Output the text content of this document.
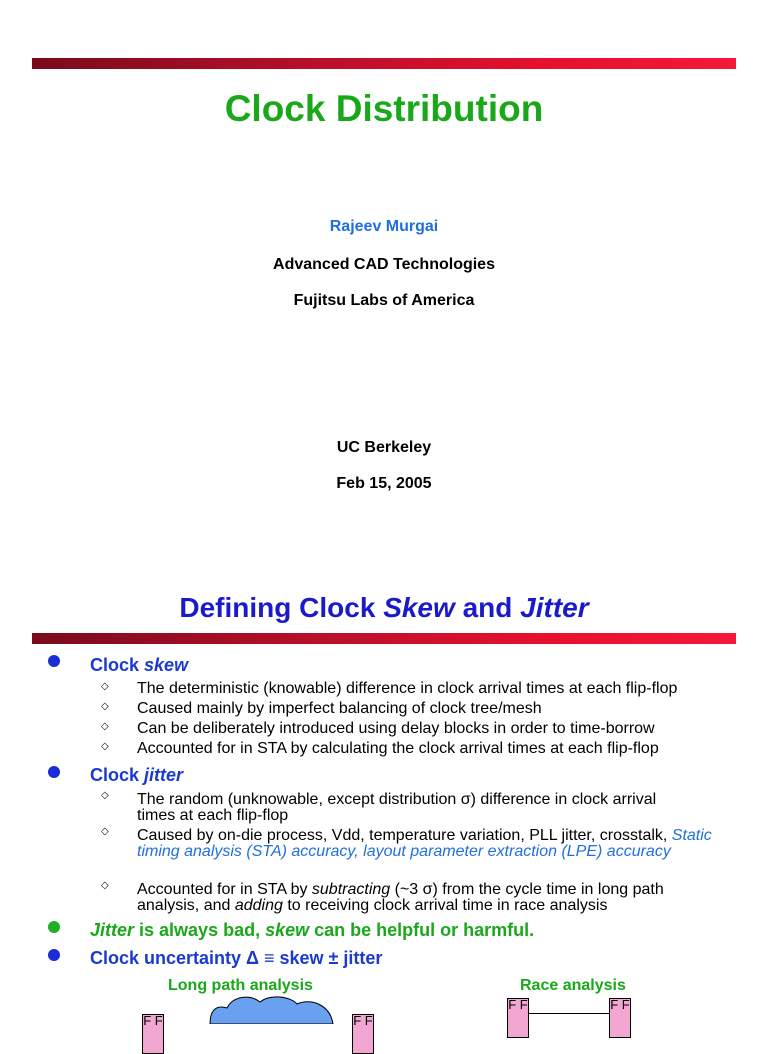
Clock Distribution
Rajeev Murgai
Advanced CAD Technologies
Fujitsu Labs of America
UC Berkeley
Feb 15, 2005
Defining Clock Skew and Jitter
Clock skew
◇ The deterministic (knowable) difference in clock arrival times at each flip-flop
◇ Caused mainly by imperfect balancing of clock tree/mesh
◇ Can be deliberately introduced using delay blocks in order to time-borrow
◇ Accounted for in STA by calculating the clock arrival times at each flip-flop
Clock jitter
◇ The random (unknowable, except distribution σ) difference in clock arrival times at each flip-flop
◇ Caused by on-die process, Vdd, temperature variation, PLL jitter, crosstalk, Static timing analysis (STA) accuracy, layout parameter extraction (LPE) accuracy
◇ Accounted for in STA by subtracting (~3 σ) from the cycle time in long path analysis, and adding to receiving clock arrival time in race analysis
Jitter is always bad, skew can be helpful or harmful.
Clock uncertainty Δ ≡ skew ± jitter
Long path analysis	Race analysis
F F	F F
F F	F F
